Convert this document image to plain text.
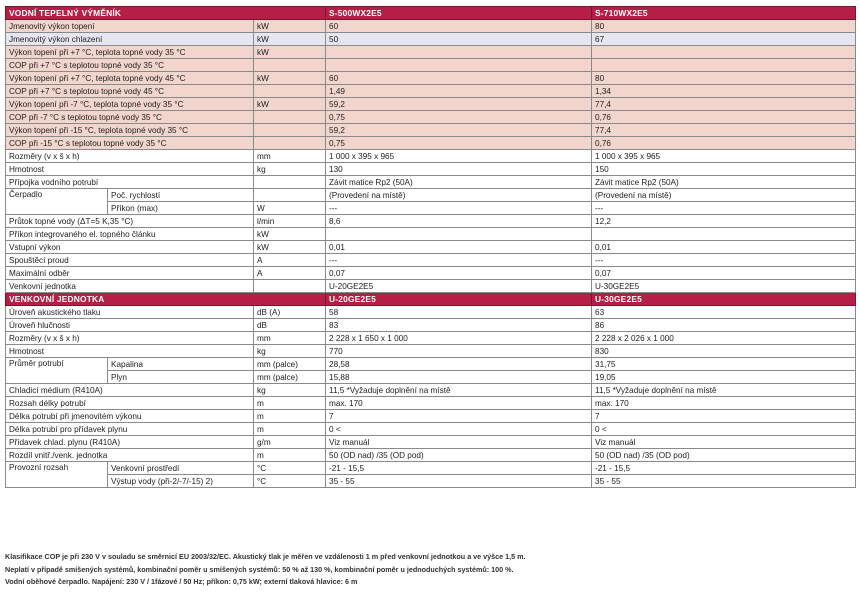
VODNÍ TEPELNÝ VÝMĚNÍK			S-500WX2E5	S-710WX2E5
Jmenovitý výkon topení		kW	60	80
Jmenovitý výkon chlazení		kW	50	67
Výkon topení při +7 °C, teplota topné vody 35 °C		kW		
COP při +7 °C s teplotou topné vody 35 °C				
Výkon topení při +7 °C, teplota topné vody 45 °C		kW	60	80
COP při +7 °C s teplotou topné vody 45 °C			1,49	1,34
Výkon topení při -7 °C, teplota topné vody 35 °C		kW	59,2	77,4
COP při -7 °C s teplotou topné vody 35 °C			0,75	0,76
Výkon topení při -15 °C, teplota topné vody 35 °C			59,2	77,4
COP při -15 °C s teplotou topné vody 35 °C			0,75	0,76
Rozměry (v x š x h)		mm	1 000 x 395 x 965	1 000 x 395 x 965
Hmotnost		kg	130	150
Přípojka vodního potrubí			Závit matice Rp2 (50A)	Závit matice Rp2 (50A)
Čerpadlo	Poč. rychlostí		(Provedení na místě)	(Provedení na místě)
	Příkon (max)	W	---	---
Průtok topné vody (ΔT=5 K,35 °C)		l/min	8,6	12,2
Příkon integrovaného el. topného článku		kW		
Vstupní výkon		kW	0,01	0,01
Spouštěcí proud		A	---	---
Maximální odběr		A	0,07	0,07
Venkovní jednotka			U-20GE2E5	U-30GE2E5
VENKOVNÍ JEDNOTKA			U-20GE2E5	U-30GE2E5
Úroveň akustického tlaku		dB (A)	58	63
Úroveň hlučnosti		dB	83	86
Rozměry (v x š x h)		mm	2 228 x 1 650 x 1 000	2 228 x 2 026 x 1 000
Hmotnost		kg	770	830
Průměr potrubí	Kapalina	mm (palce)	28,58	31,75
	Plyn	mm (palce)	15,88	19,05
Chladicí médium (R410A)		kg	11,5 *Vyžaduje doplnění na místě	11,5 *Vyžaduje doplnění na místě
Rozsah délky potrubí		m	max. 170	max. 170
Délka potrubí při jmenovitém výkonu		m	7	7
Délka potrubí pro přídavek plynu		m	0 <	0 <
Přídavek chlad. plynu (R410A)		g/m	Viz manuál	Viz manuál
Rozdíl vnitř./venk. jednotka		m	50 (OD nad) /35 (OD pod)	50 (OD nad) /35 (OD pod)
Provozní rozsah	Venkovní prostředí	°C	-21 - 15,5	-21 - 15,5
	Výstup vody (při-2/-7/-15) 2)	°C	35 - 55	35 - 55
Klasifikace COP je při 230 V v souladu se směrnicí EU 2003/32/EC. Akustický tlak je měřen ve vzdálenosti 1 m před venkovní jednotkou a ve výšce 1,5 m.
Neplatí v případě smíšených systémů, kombinační poměr u smíšených systémů: 50 % až 130 %, kombinační poměr u jednoduchých systémů: 100 %.
Vodní oběhové čerpadlo. Napájení: 230 V / 1fázové / 50 Hz; příkon: 0,75 kW; externí tlaková hlavice: 6 m
